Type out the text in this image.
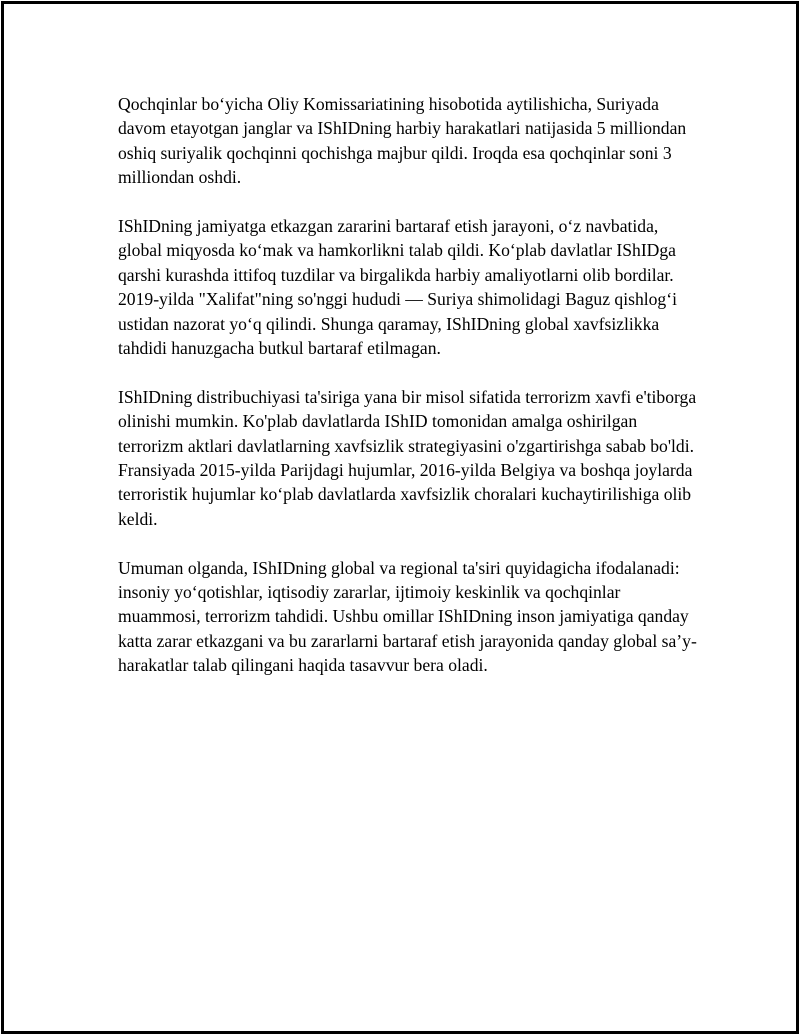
Qochqinlar bo‘yicha Oliy Komissariatining hisobotida aytilishicha, Suriyada davom etayotgan janglar va IShIDning harbiy harakatlari natijasida 5 milliondan oshiq suriyalik qochqinni qochishga majbur qildi. Iroqda esa qochqinlar soni 3 milliondan oshdi.

IShIDning jamiyatga etkazgan zararini bartaraf etish jarayoni, o‘z navbatida, global miqyosda ko‘mak va hamkorlikni talab qildi. Ko‘plab davlatlar IShIDga qarshi kurashda ittifoq tuzdilar va birgalikda harbiy amaliyotlarni olib bordilar. 2019-yilda "Xalifat"ning so'nggi hududi — Suriya shimolidagi Baguz qishlog‘i ustidan nazorat yo‘q qilindi. Shunga qaramay, IShIDning global xavfsizlikka tahdidi hanuzgacha butkul bartaraf etilmagan.

IShIDning distribuchiyasi ta'siriga yana bir misol sifatida terrorizm xavfi e'tiborga olinishi mumkin. Ko'plab davlatlarda IShID tomonidan amalga oshirilgan terrorizm aktlari davlatlarning xavfsizlik strategiyasini o'zgartirishga sabab bo'ldi. Fransiyada 2015-yilda Parijdagi hujumlar, 2016-yilda Belgiya va boshqa joylarda terroristik hujumlar ko‘plab davlatlarda xavfsizlik choralari kuchaytirilishiga olib keldi.

Umuman olganda, IShIDning global va regional ta'siri quyidagicha ifodalanadi: insoniy yo‘qotishlar, iqtisodiy zararlar, ijtimoiy keskinlik va qochqinlar muammosi, terrorizm tahdidi. Ushbu omillar IShIDning inson jamiyatiga qanday katta zarar etkazgani va bu zararlarni bartaraf etish jarayonida qanday global sa’y-harakatlar talab qilingani haqida tasavvur bera oladi.
